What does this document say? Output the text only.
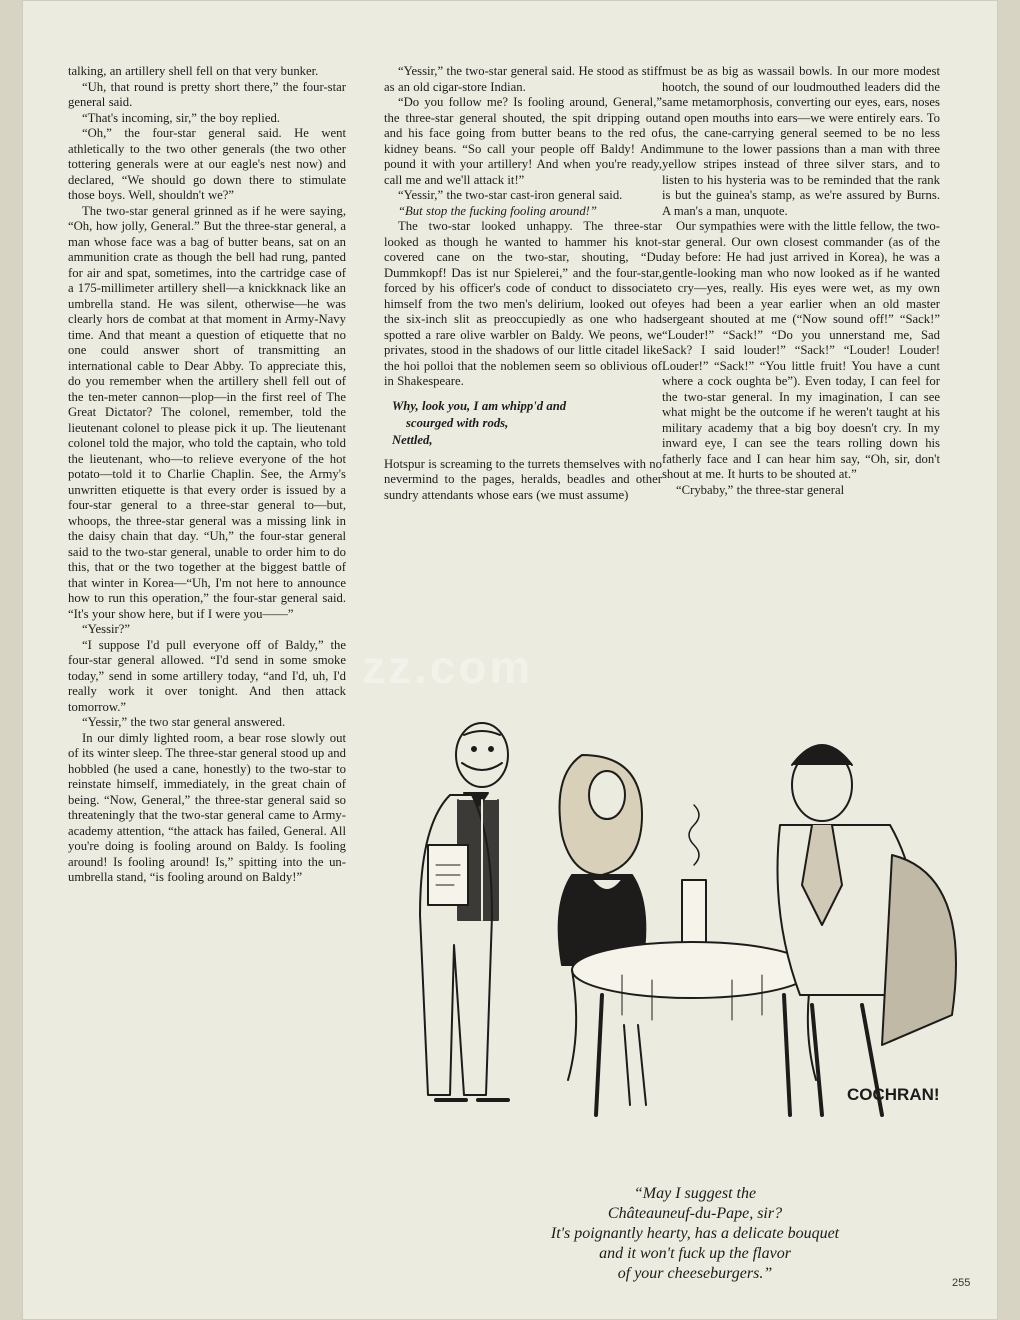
talking, an artillery shell fell on that very bunker.

“Uh, that round is pretty short there,” the four-star general said.

“That's incoming, sir,” the boy replied.

“Oh,” the four-star general said. He went athletically to the two other generals (the two other tottering generals were at our eagle's nest now) and declared, “We should go down there to stimulate those boys. Well, shouldn't we?”

The two-star general grinned as if he were saying, “Oh, how jolly, General.” But the three-star general, a man whose face was a bag of butter beans, sat on an ammunition crate as though the bell had rung, panted for air and spat, sometimes, into the cartridge case of a 175-millimeter artillery shell—a knickknack like an umbrella stand. He was silent, otherwise—he was clearly hors de combat at that moment in Army-Navy time. And that meant a question of etiquette that no one could answer short of transmitting an international cable to Dear Abby. To appreciate this, do you remember when the artillery shell fell out of the ten-meter cannon—plop—in the first reel of The Great Dictator? The colonel, remember, told the lieutenant colonel to please pick it up. The lieutenant colonel told the major, who told the captain, who told the lieutenant, who—to relieve everyone of the hot potato—told it to Charlie Chaplin. See, the Army's unwritten etiquette is that every order is issued by a four-star general to a three-star general to—but, whoops, the three-star general was a missing link in the daisy chain that day. “Uh,” the four-star general said to the two-star general, unable to order him to do this, that or the two together at the biggest battle of that winter in Korea—“Uh, I'm not here to announce how to run this operation,” the four-star general said. “It's your show here, but if I were you——”

“Yessir?”

“I suppose I'd pull everyone off of Baldy,” the four-star general allowed. “I'd send in some smoke today,” send in some artillery today, “and I'd, uh, I'd really work it over tonight. And then attack tomorrow.”

“Yessir,” the two star general answered.

In our dimly lighted room, a bear rose slowly out of its winter sleep. The three-star general stood up and hobbled (he used a cane, honestly) to the two-star to reinstate himself, immediately, in the great chain of being. “Now, General,” the three-star general said so threateningly that the two-star general came to Army-academy attention, “the attack has failed, General. All you're doing is fooling around on Baldy. Is fooling around! Is fooling around! Is,” spitting into the un-umbrella stand, “is fooling around on Baldy!”

“Yessir,” the two-star general said. He stood as stiff as an old cigar-store Indian.

“Do you follow me? Is fooling around, General,” the three-star general shouted, the spit dripping out and his face going from butter beans to the red of kidney beans. “So call your people off Baldy! And pound it with your artillery! And when you're ready, call me and we'll attack it!”

“Yessir,” the two-star cast-iron general said.

“But stop the fucking fooling around!”

The two-star looked unhappy. The three-star looked as though he wanted to hammer his knot-covered cane on the two-star, shouting, “Du Dummkopf! Das ist nur Spielerei,” and the four-star, forced by his officer's code of conduct to dissociate himself from the two men's delirium, looked out of the six-inch slit as preoccupiedly as one who had spotted a rare olive warbler on Baldy. We peons, we privates, stood in the shadows of our little citadel like the hoi polloi that the noblemen seem so oblivious of in Shakespeare.

Why, look you, I am whipp'd and
scourged with rods,
Nettled,

Hotspur is screaming to the turrets themselves with no nevermind to the pages, heralds, beadles and other sundry attendants whose ears (we must assume)

must be as big as wassail bowls. In our more modest hootch, the sound of our loudmouthed leaders did the same metamorphosis, converting our eyes, ears, noses and open mouths into ears—we were entirely ears. To us, the cane-carrying general seemed to be no less immune to the lower passions than a man with three yellow stripes instead of three silver stars, and to listen to his hysteria was to be reminded that the rank is but the guinea's stamp, as we're assured by Burns. A man's a man, unquote.

Our sympathies were with the little fellow, the two-star general. Our own closest commander (as of the day before: He had just arrived in Korea), he was a gentle-looking man who now looked as if he wanted to cry—yes, really. His eyes were wet, as my own eyes had been a year earlier when an old master sergeant shouted at me (“Now sound off!” “Sack!” “Louder!” “Sack!” “Do you unnerstand me, Sad Sack? I said louder!” “Sack!” “Louder! Louder! Louder!” “Sack!” “You little fruit! You have a cunt where a cock oughta be”). Even today, I can feel for the two-star general. In my imagination, I can see what might be the outcome if he weren't taught at his military academy that a big boy doesn't cry. In my inward eye, I can see the tears rolling down his fatherly face and I can hear him say, “Oh, sir, don't shout at me. It hurts to be shouted at.”

“Crybaby,” the three-star general

zz.com
COCHRAN!

“May I suggest the

Châteauneuf-du-Pape, sir?

It's poignantly hearty, has a delicate bouquet

and it won't fuck up the flavor

of your cheeseburgers.”

255
